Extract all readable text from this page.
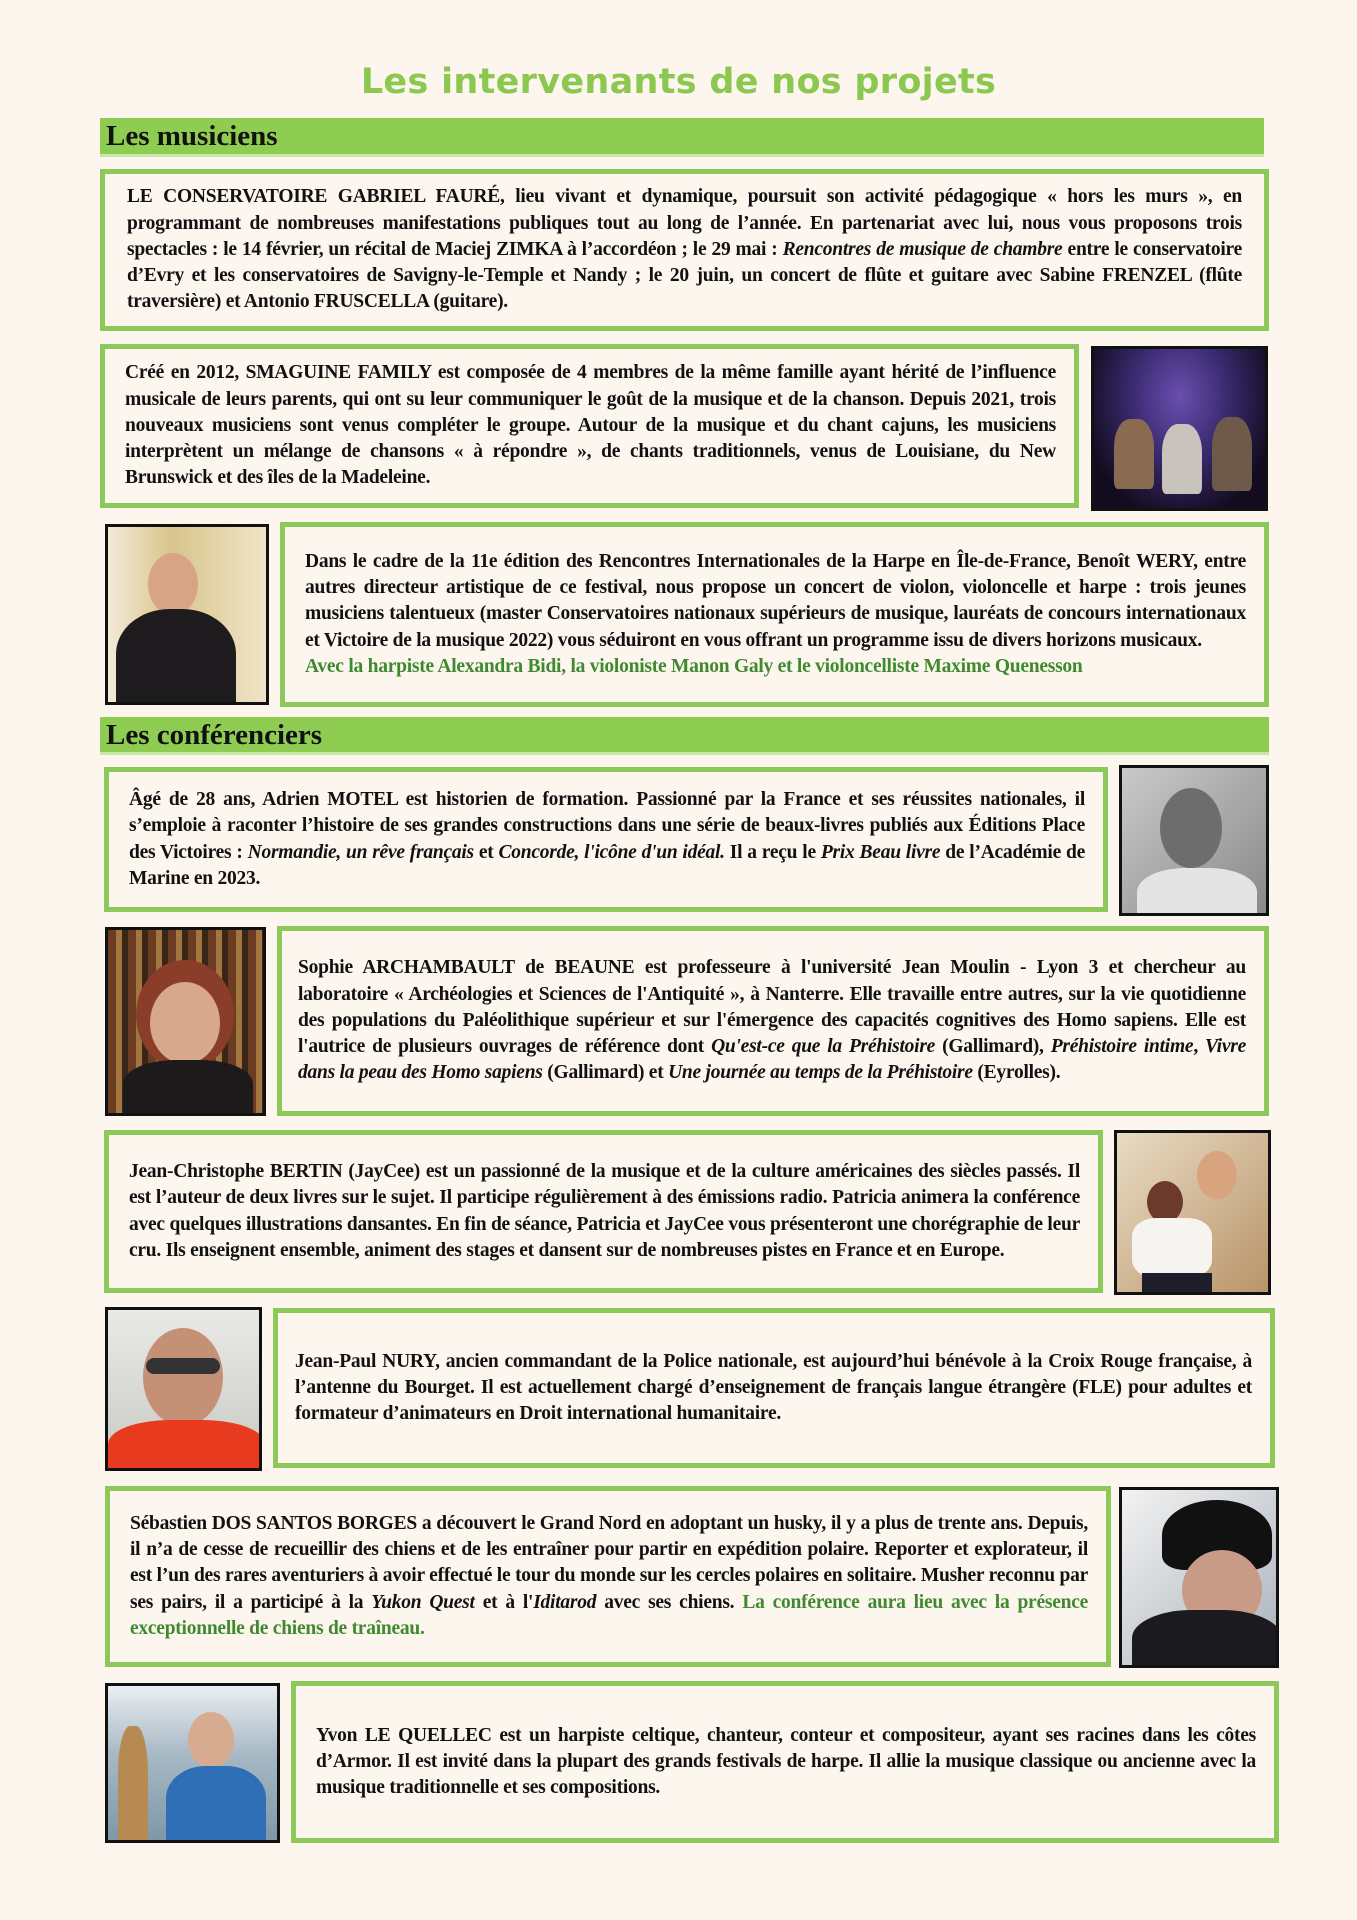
Les intervenants de nos projets
Les musiciens

LE CONSERVATOIRE GABRIEL FAURÉ, lieu vivant et dynamique, poursuit son activité pédagogique « hors les murs », en programmant de nombreuses manifestations publiques tout au long de l’année. En partenariat avec lui, nous vous proposons trois spectacles : le 14 février, un récital de Maciej ZIMKA à l’accordéon ; le 29 mai : Rencontres de musique de chambre entre le conservatoire d’Evry et les conservatoires de Savigny-le-Temple et Nandy ; le 20 juin, un concert de flûte et guitare avec Sabine FRENZEL (flûte traversière) et Antonio FRUSCELLA (guitare).

Créé en 2012, SMAGUINE FAMILY est composée de 4 membres de la même famille ayant hérité de l’influence musicale de leurs parents, qui ont su leur communiquer le goût de la musique et de la chanson. Depuis 2021, trois nouveaux musiciens sont venus compléter le groupe. Autour de la musique et du chant cajuns, les musiciens interprètent un mélange de chansons « à répondre », de chants traditionnels, venus de Louisiane, du New Brunswick et des îles de la Madeleine.

Dans le cadre de la 11e édition des Rencontres Internationales de la Harpe en Île-de-France, Benoît WERY, entre autres directeur artistique de ce festival, nous propose un concert de violon, violoncelle et harpe : trois jeunes musiciens talentueux (master Conservatoires nationaux supérieurs de musique, lauréats de concours internationaux et Victoire de la musique 2022) vous séduiront en vous offrant un programme issu de divers horizons musicaux.
Avec la harpiste Alexandra Bidi, la violoniste Manon Galy et le violoncelliste Maxime Quenesson

Les conférenciers

Âgé de 28 ans, Adrien MOTEL est historien de formation. Passionné par la France et ses réussites nationales, il s’emploie à raconter l’histoire de ses grandes constructions dans une série de beaux-livres publiés aux Éditions Place des Victoires : Normandie, un rêve français et Concorde, l'icône d'un idéal. Il a reçu le Prix Beau livre de l’Académie de Marine en 2023.

Sophie ARCHAMBAULT de BEAUNE est professeure à l'université Jean Moulin - Lyon 3 et chercheur au laboratoire « Archéologies et Sciences de l'Antiquité », à Nanterre. Elle travaille entre autres, sur la vie quotidienne des populations du Paléolithique supérieur et sur l'émergence des capacités cognitives des Homo sapiens. Elle est l'autrice de plusieurs ouvrages de référence dont Qu'est-ce que la Préhistoire (Gallimard), Préhistoire intime, Vivre dans la peau des Homo sapiens (Gallimard) et Une journée au temps de la Préhistoire (Eyrolles).

Jean-Christophe BERTIN (JayCee) est un passionné de la musique et de la culture américaines des siècles passés. Il est l’auteur de deux livres sur le sujet. Il participe régulièrement à des émissions radio. Patricia animera la conférence avec quelques illustrations dansantes. En fin de séance, Patricia et JayCee vous présenteront une chorégraphie de leur cru. Ils enseignent ensemble, animent des stages et dansent sur de nombreuses pistes en France et en Europe.

Jean-Paul NURY, ancien commandant de la Police nationale, est aujourd’hui bénévole à la Croix Rouge française, à l’antenne du Bourget. Il est actuellement chargé d’enseignement de français langue étrangère (FLE) pour adultes et formateur d’animateurs en Droit international humanitaire.

Sébastien DOS SANTOS BORGES a découvert le Grand Nord en adoptant un husky, il y a plus de trente ans. Depuis, il n’a de cesse de recueillir des chiens et de les entraîner pour partir en expédition polaire. Reporter et explorateur, il est l’un des rares aventuriers à avoir effectué le tour du monde sur les cercles polaires en solitaire. Musher reconnu par ses pairs, il a participé à la Yukon Quest et à l'Iditarod avec ses chiens. La conférence aura lieu avec la présence exceptionnelle de chiens de traîneau.

Yvon LE QUELLEC est un harpiste celtique, chanteur, conteur et compositeur, ayant ses racines dans les côtes d’Armor. Il est invité dans la plupart des grands festivals de harpe. Il allie la musique classique ou ancienne avec la musique traditionnelle et ses compositions.
